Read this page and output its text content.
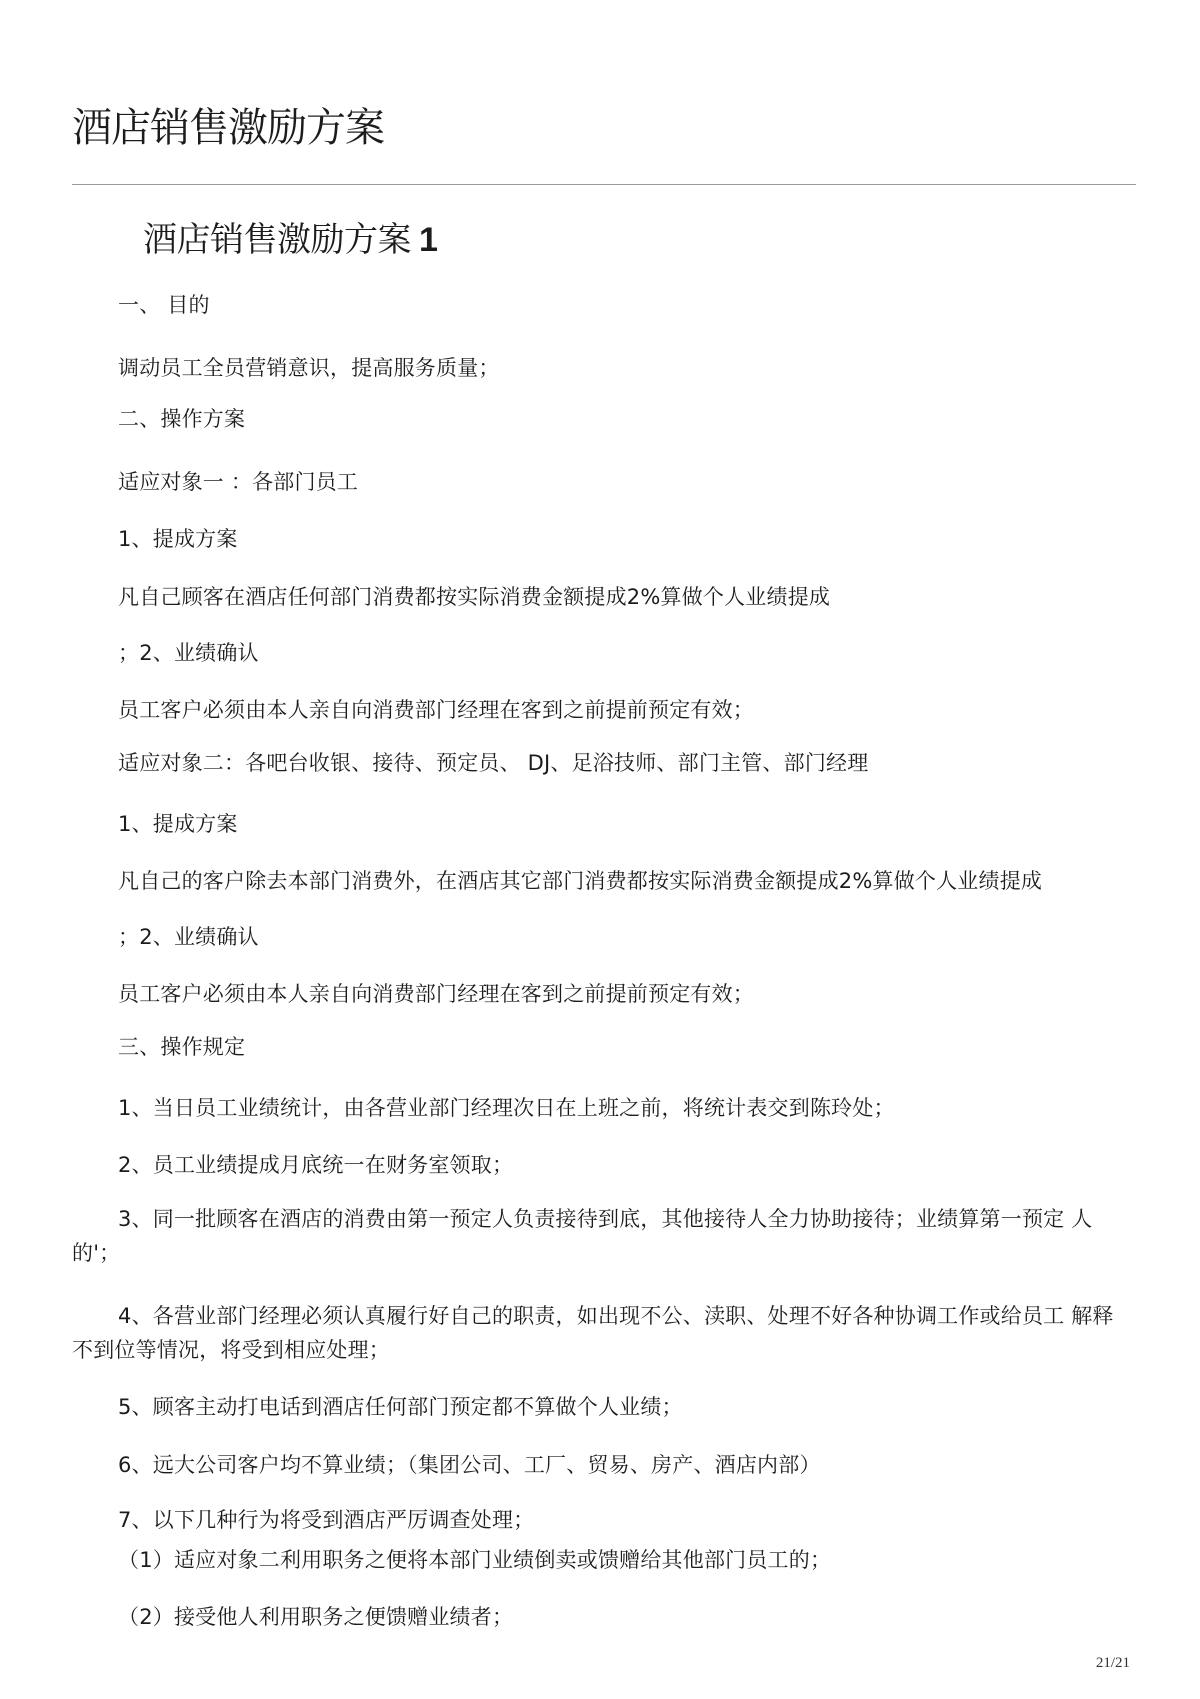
酒店销售激励方案
酒店销售激励方案 1
一、 目的
调动员工全员营销意识，提高服务质量；
二、操作方案
适应对象一 ：各部门员工
1、提成方案
凡自己顾客在酒店任何部门消费都按实际消费金额提成2%算做个人业绩提成
；2、业绩确认
员工客户必须由本人亲自向消费部门经理在客到之前提前预定有效；
适应对象二：各吧台收银、接待、预定员、 DJ、足浴技师、部门主管、部门经理
1、提成方案
凡自己的客户除去本部门消费外，在酒店其它部门消费都按实际消费金额提成2%算做个人业绩提成
；2、业绩确认
员工客户必须由本人亲自向消费部门经理在客到之前提前预定有效；
三、操作规定
1、当日员工业绩统计，由各营业部门经理次日在上班之前，将统计表交到陈玲处；
2、员工业绩提成月底统一在财务室领取；
3、同一批顾客在酒店的消费由第一预定人负责接待到底，其他接待人全力协助接待；业绩算第一预定 人的'；
4、各营业部门经理必须认真履行好自己的职责，如出现不公、渎职、处理不好各种协调工作或给员工 解释不到位等情况，将受到相应处理；
5、顾客主动打电话到酒店任何部门预定都不算做个人业绩；
6、远大公司客户均不算业绩；（集团公司、工厂、贸易、房产、酒店内部）
7、以下几种行为将受到酒店严厉调查处理；
（1）适应对象二利用职务之便将本部门业绩倒卖或馈赠给其他部门员工的；
（2）接受他人利用职务之便馈赠业绩者；
21/21
